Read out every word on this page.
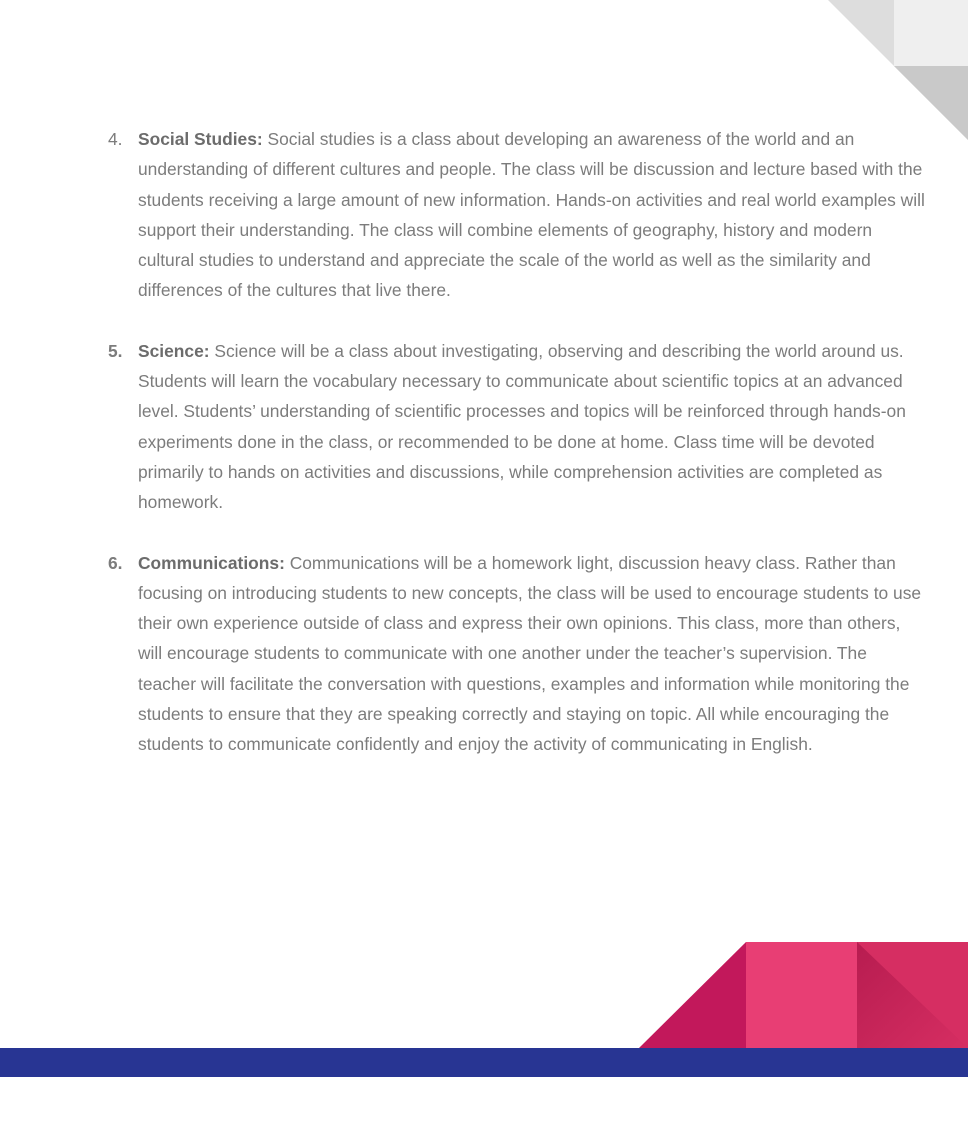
4. Social Studies: Social studies is a class about developing an awareness of the world and an understanding of different cultures and people. The class will be discussion and lecture based with the students receiving a large amount of new information. Hands-on activities and real world examples will support their understanding. The class will combine elements of geography, history and modern cultural studies to understand and appreciate the scale of the world as well as the similarity and differences of the cultures that live there.
5. Science: Science will be a class about investigating, observing and describing the world around us. Students will learn the vocabulary necessary to communicate about scientific topics at an advanced level. Students’ understanding of scientific processes and topics will be reinforced through hands-on experiments done in the class, or recommended to be done at home. Class time will be devoted primarily to hands on activities and discussions, while comprehension activities are completed as homework.
6. Communications: Communications will be a homework light, discussion heavy class. Rather than focusing on introducing students to new concepts, the class will be used to encourage students to use their own experience outside of class and express their own opinions. This class, more than others, will encourage students to communicate with one another under the teacher’s supervision. The teacher will facilitate the conversation with questions, examples and information while monitoring the students to ensure that they are speaking correctly and staying on topic. All while encouraging the students to communicate confidently and enjoy the activity of communicating in English.
